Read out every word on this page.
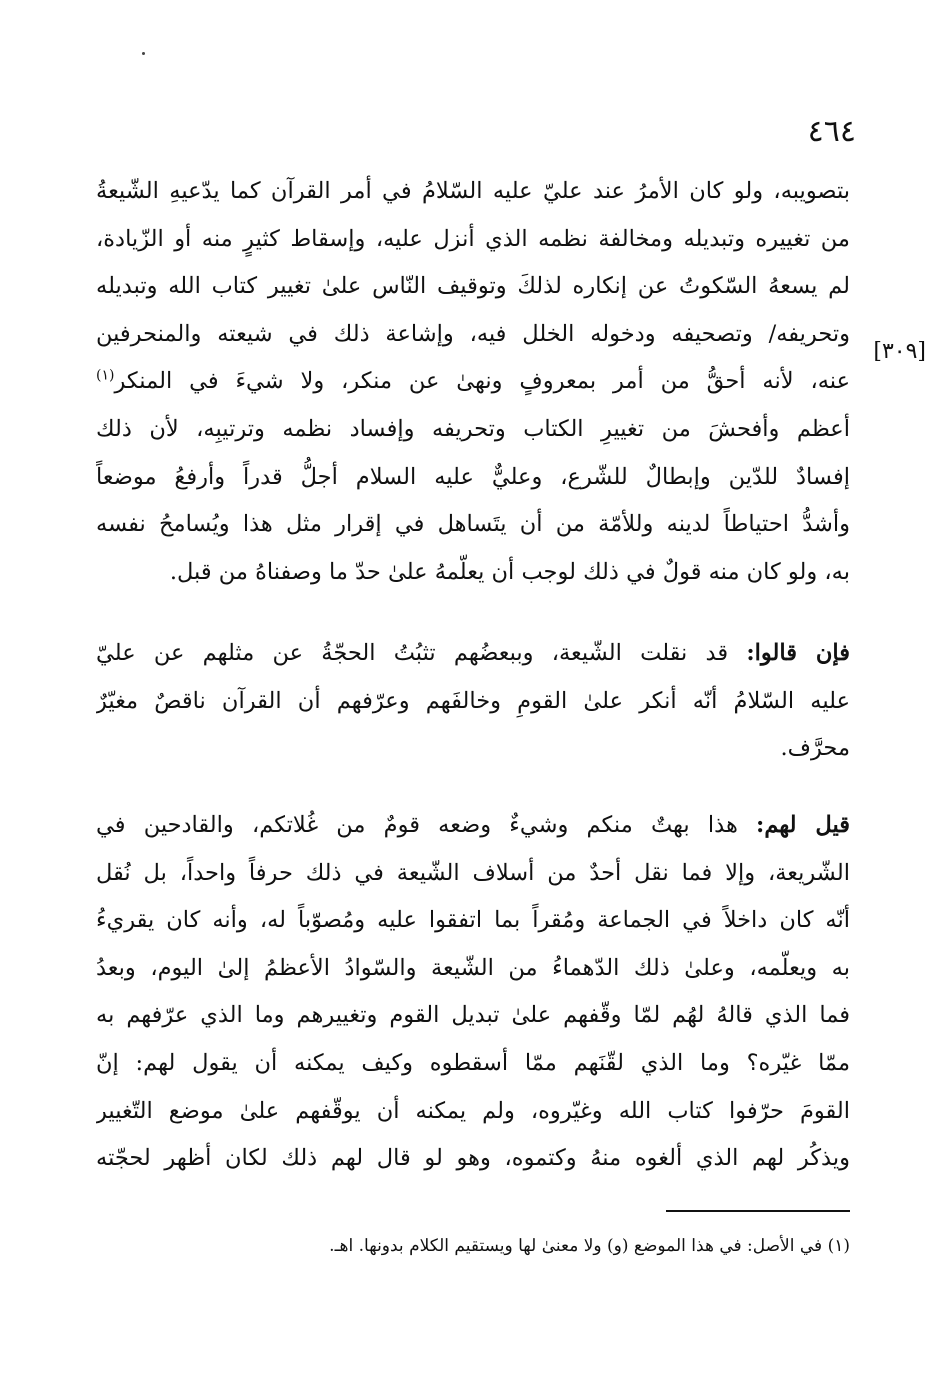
٤٦٤
[٣٠٩]
بتصويبه، ولو كان الأمرُ عند عليّ عليه السّلامُ في أمر القرآن كما يدّعيهِ الشّيعةُ
من تغييره وتبديله ومخالفة نظمه الذي أنزل عليه، وإسقاط كثيرٍ منه أو الزّيادة،
لم يسعهُ السّكوتُ عن إنكاره لذلكَ وتوقيف النّاس علىٰ تغيير كتاب الله وتبديله
وتحريفه/ وتصحيفه ودخوله الخلل فيه، وإشاعة ذلك في شيعته والمنحرفين
عنه، لأنه أحقُّ من أمر بمعروفٍ ونهىٰ عن منكر، ولا شيءَ في المنكر$^{(١)}$
أعظم وأفحشَ من تغييرِ الكتاب وتحريفه وإفساد نظمه وترتيبِه، لأن ذلك
إفسادٌ للدّين وإبطالٌ للشّرع، وعليٌّ عليه السلام أجلُّ قدراً وأرفعُ موضعاً
وأشدُّ احتياطاً لدينه وللأمّة من أن يتَساهل في إقرار مثل هذا ويُسامحُ نفسه
به، ولو كان منه قولٌ في ذلك لوجب أن يعلّمهُ علىٰ حدّ ما وصفناهُ من قبل.
فإن قالوا: قد نقلت الشّيعة، وببعضُهم تثبُتُ الحجّةُ عن مثلهم عن عليّ
عليه السّلامُ أنّه أنكر علىٰ القومِ وخالفَهم وعرّفهم أن القرآن ناقصٌ مغيّرٌ
محرَّف.
قيل لهم: هذا بهتٌ منكم وشيءٌ وضعه قومٌ من غُلاتكم، والقادحين في
الشّريعة، وإلا فما نقل أحدٌ من أسلاف الشّيعة في ذلك حرفاً واحداً، بل نُقل
أنّه كان داخلاً في الجماعة ومُقراً بما اتفقوا عليه ومُصوّباً له، وأنه كان يقريءُ
به ويعلّمه، وعلىٰ ذلك الدّهماءُ من الشّيعة والسّوادُ الأعظمُ إلىٰ اليوم، وبعدُ
فما الذي قالهُ لهُم لمّا وقّفهم علىٰ تبديل القوم وتغييرهم وما الذي عرّفهم به
ممّا غيّره؟ وما الذي لقّنَهم ممّا أسقطوه وكيف يمكنه أن يقول لهم: إنّ
القومَ حرّفوا كتاب الله وغيّروه، ولم يمكنه أن يوقّفهم علىٰ موضع التّغيير
ويذكُر لهم الذي ألغوه منهُ وكتموه، وهو لو قال لهم ذلك لكان أظهر لحجّته
(١) في الأصل: في هذا الموضع (و) ولا معنىٰ لها ويستقيم الكلام بدونها. اهـ.
